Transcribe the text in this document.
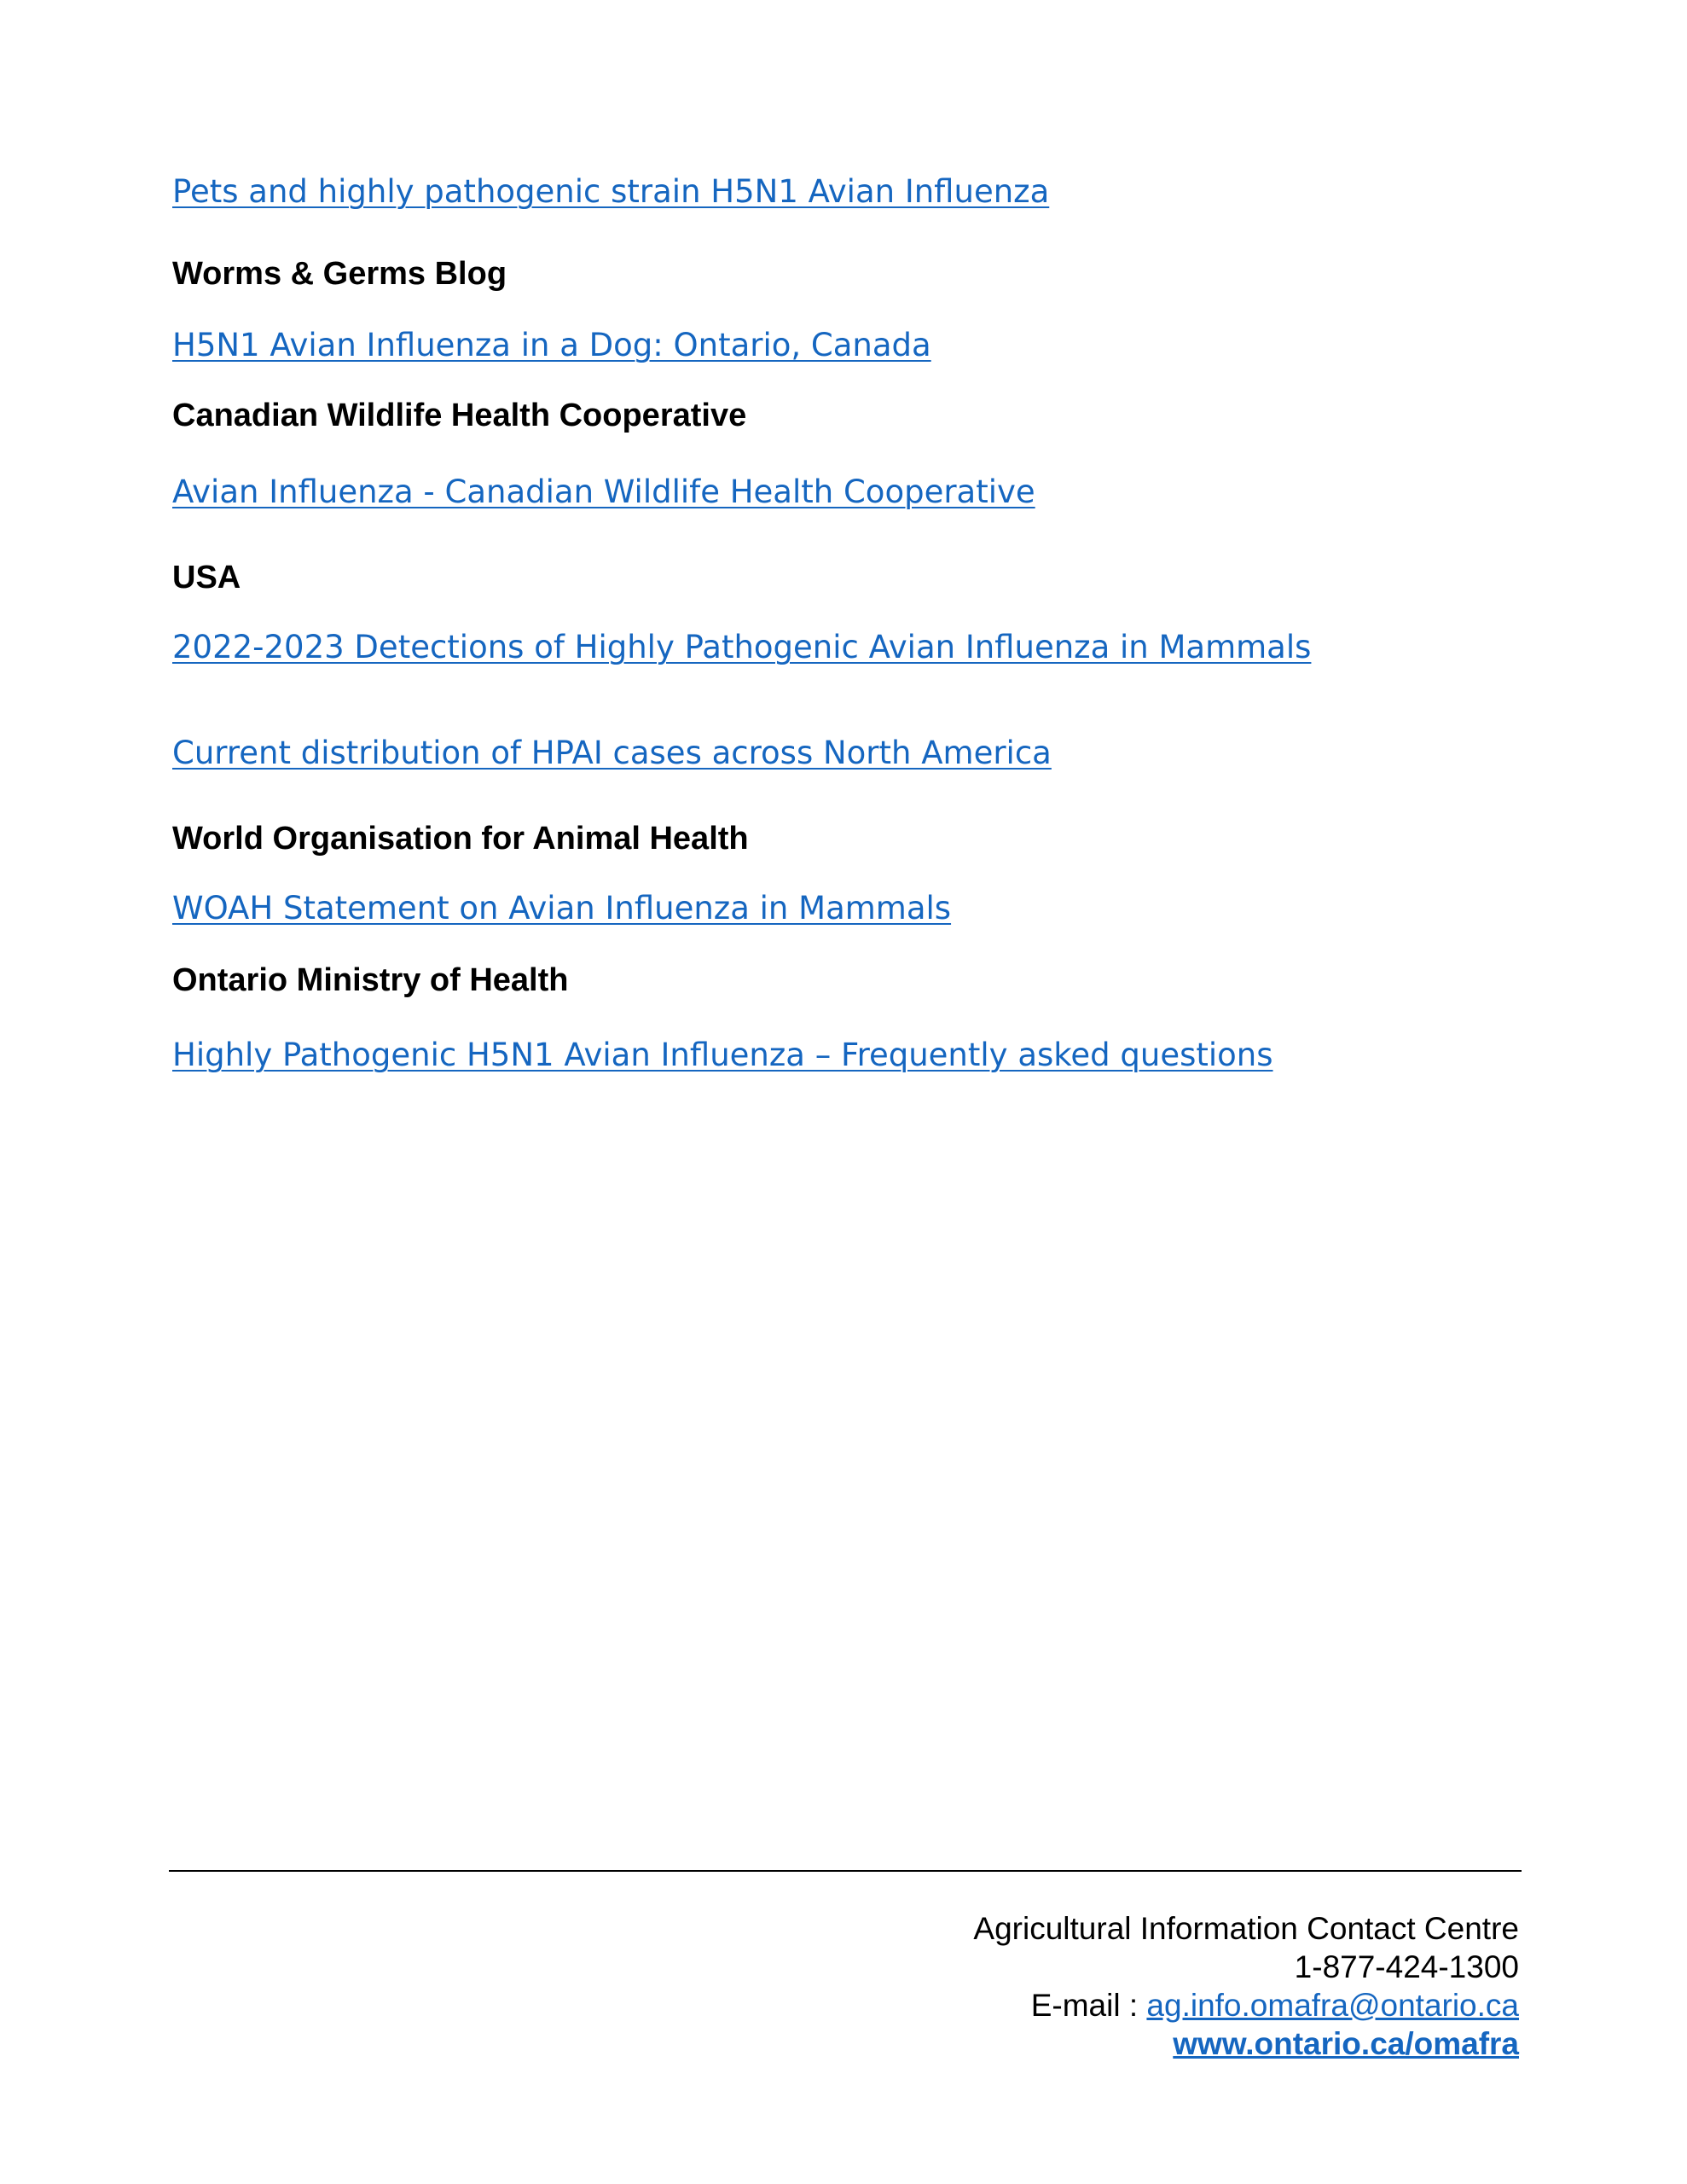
Pets and highly pathogenic strain H5N1 Avian Influenza
Worms & Germs Blog
H5N1 Avian Influenza in a Dog: Ontario, Canada
Canadian Wildlife Health Cooperative
Avian Influenza - Canadian Wildlife Health Cooperative
USA
2022-2023 Detections of Highly Pathogenic Avian Influenza in Mammals
Current distribution of HPAI cases across North America
World Organisation for Animal Health
WOAH Statement on Avian Influenza in Mammals
Ontario Ministry of Health
Highly Pathogenic H5N1 Avian Influenza – Frequently asked questions
Agricultural Information Contact Centre
1-877-424-1300
E-mail : ag.info.omafra@ontario.ca
www.ontario.ca/omafra
